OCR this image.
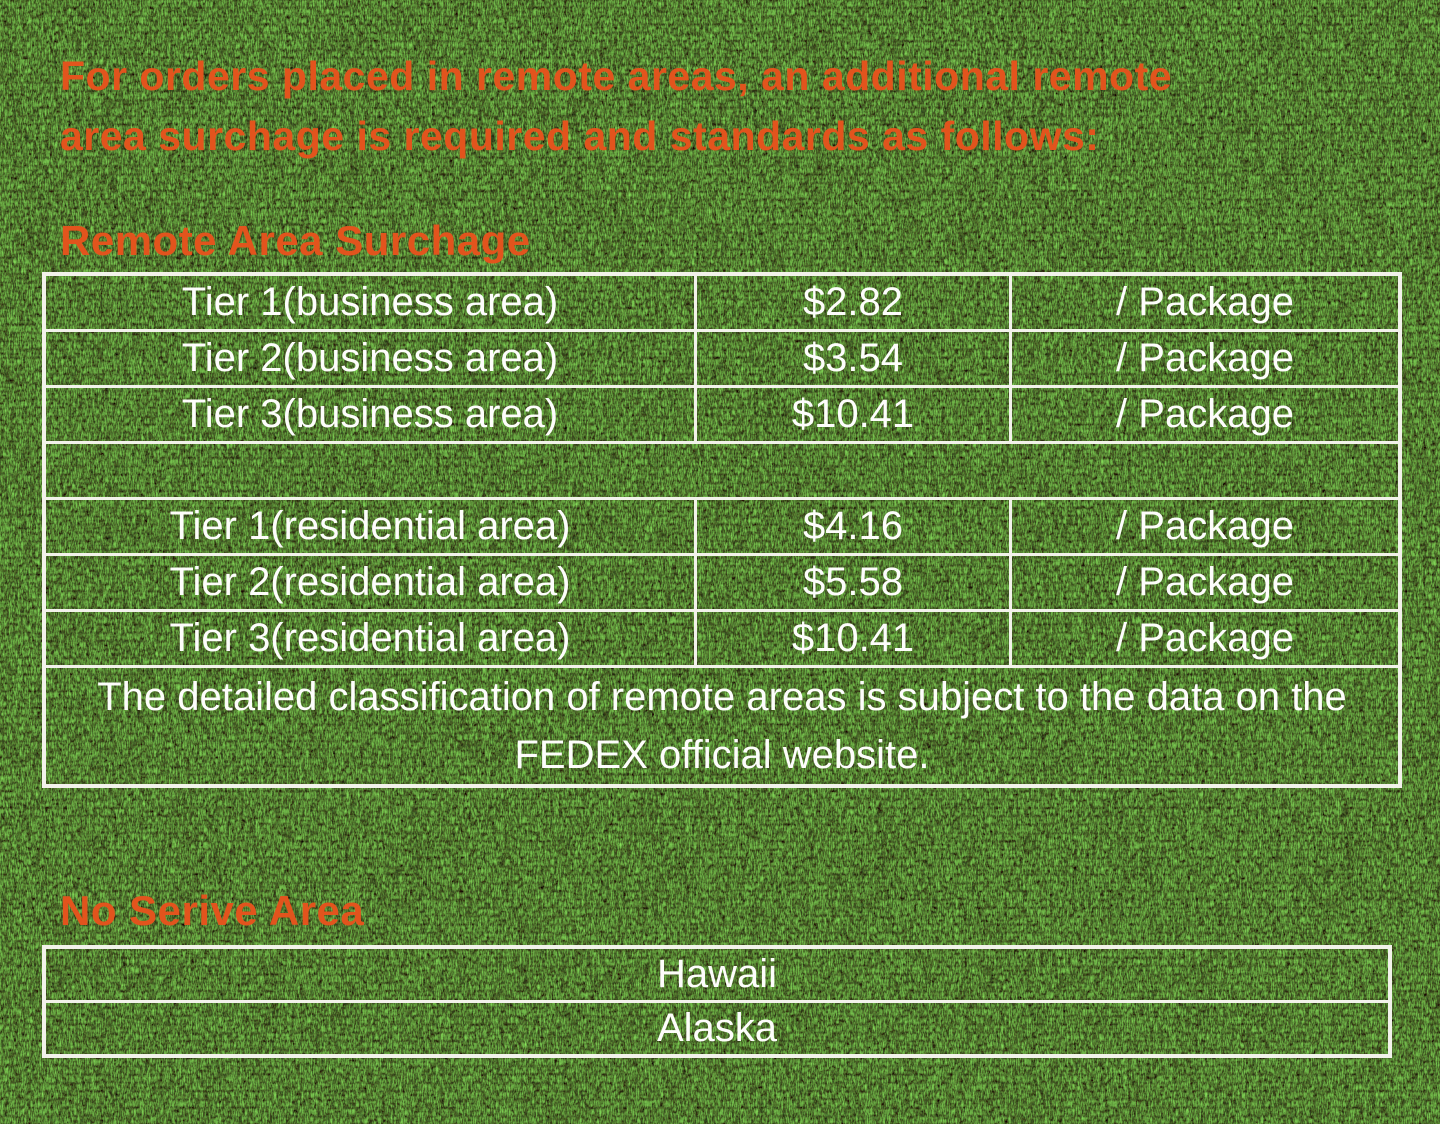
For orders placed in remote areas, an additional remote
area surchage is required and standards as follows:

Remote Area Surchage
Tier 1(business area)	$2.82	/ Package
Tier 2(business area)	$3.54	/ Package
Tier 3(business area)	$10.41	/ Package

Tier 1(residential area)	$4.16	/ Package
Tier 2(residential area)	$5.58	/ Package
Tier 3(residential area)	$10.41	/ Package
The detailed classification of remote areas is subject to the data on the FEDEX official website.		
No Serive Area
Hawaii
Alaska
